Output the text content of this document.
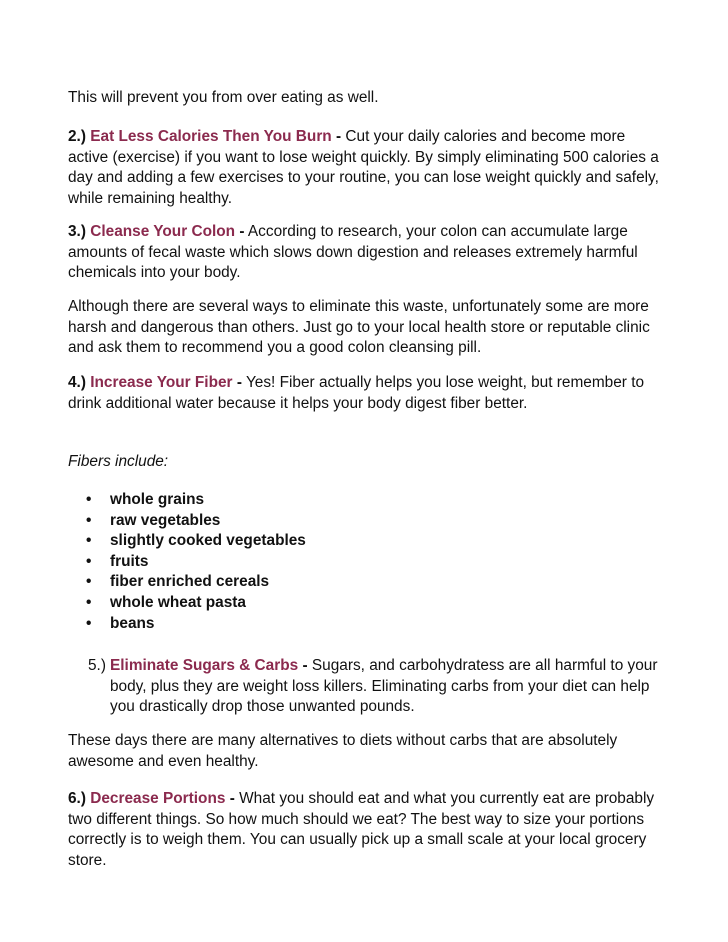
This will prevent you from over eating as well.

2.) Eat Less Calories Then You Burn - Cut your daily calories and become more active (exercise) if you want to lose weight quickly. By simply eliminating 500 calories a day and adding a few exercises to your routine, you can lose weight quickly and safely, while remaining healthy.

3.) Cleanse Your Colon - According to research, your colon can accumulate large amounts of fecal waste which slows down digestion and releases extremely harmful chemicals into your body.

Although there are several ways to eliminate this waste, unfortunately some are more harsh and dangerous than others. Just go to your local health store or reputable clinic and ask them to recommend you a good colon cleansing pill.

4.) Increase Your Fiber - Yes! Fiber actually helps you lose weight, but remember to drink additional water because it helps your body digest fiber better.

Fibers include:

• whole grains
• raw vegetables
• slightly cooked vegetables
• fruits
• fiber enriched cereals
• whole wheat pasta
• beans
5.) Eliminate Sugars & Carbs - Sugars, and carbohydratess are all harmful to your body, plus they are weight loss killers. Eliminating carbs from your diet can help you drastically drop those unwanted pounds.

These days there are many alternatives to diets without carbs that are absolutely awesome and even healthy.

6.) Decrease Portions - What you should eat and what you currently eat are probably two different things. So how much should we eat? The best way to size your portions correctly is to weigh them. You can usually pick up a small scale at your local grocery store.
